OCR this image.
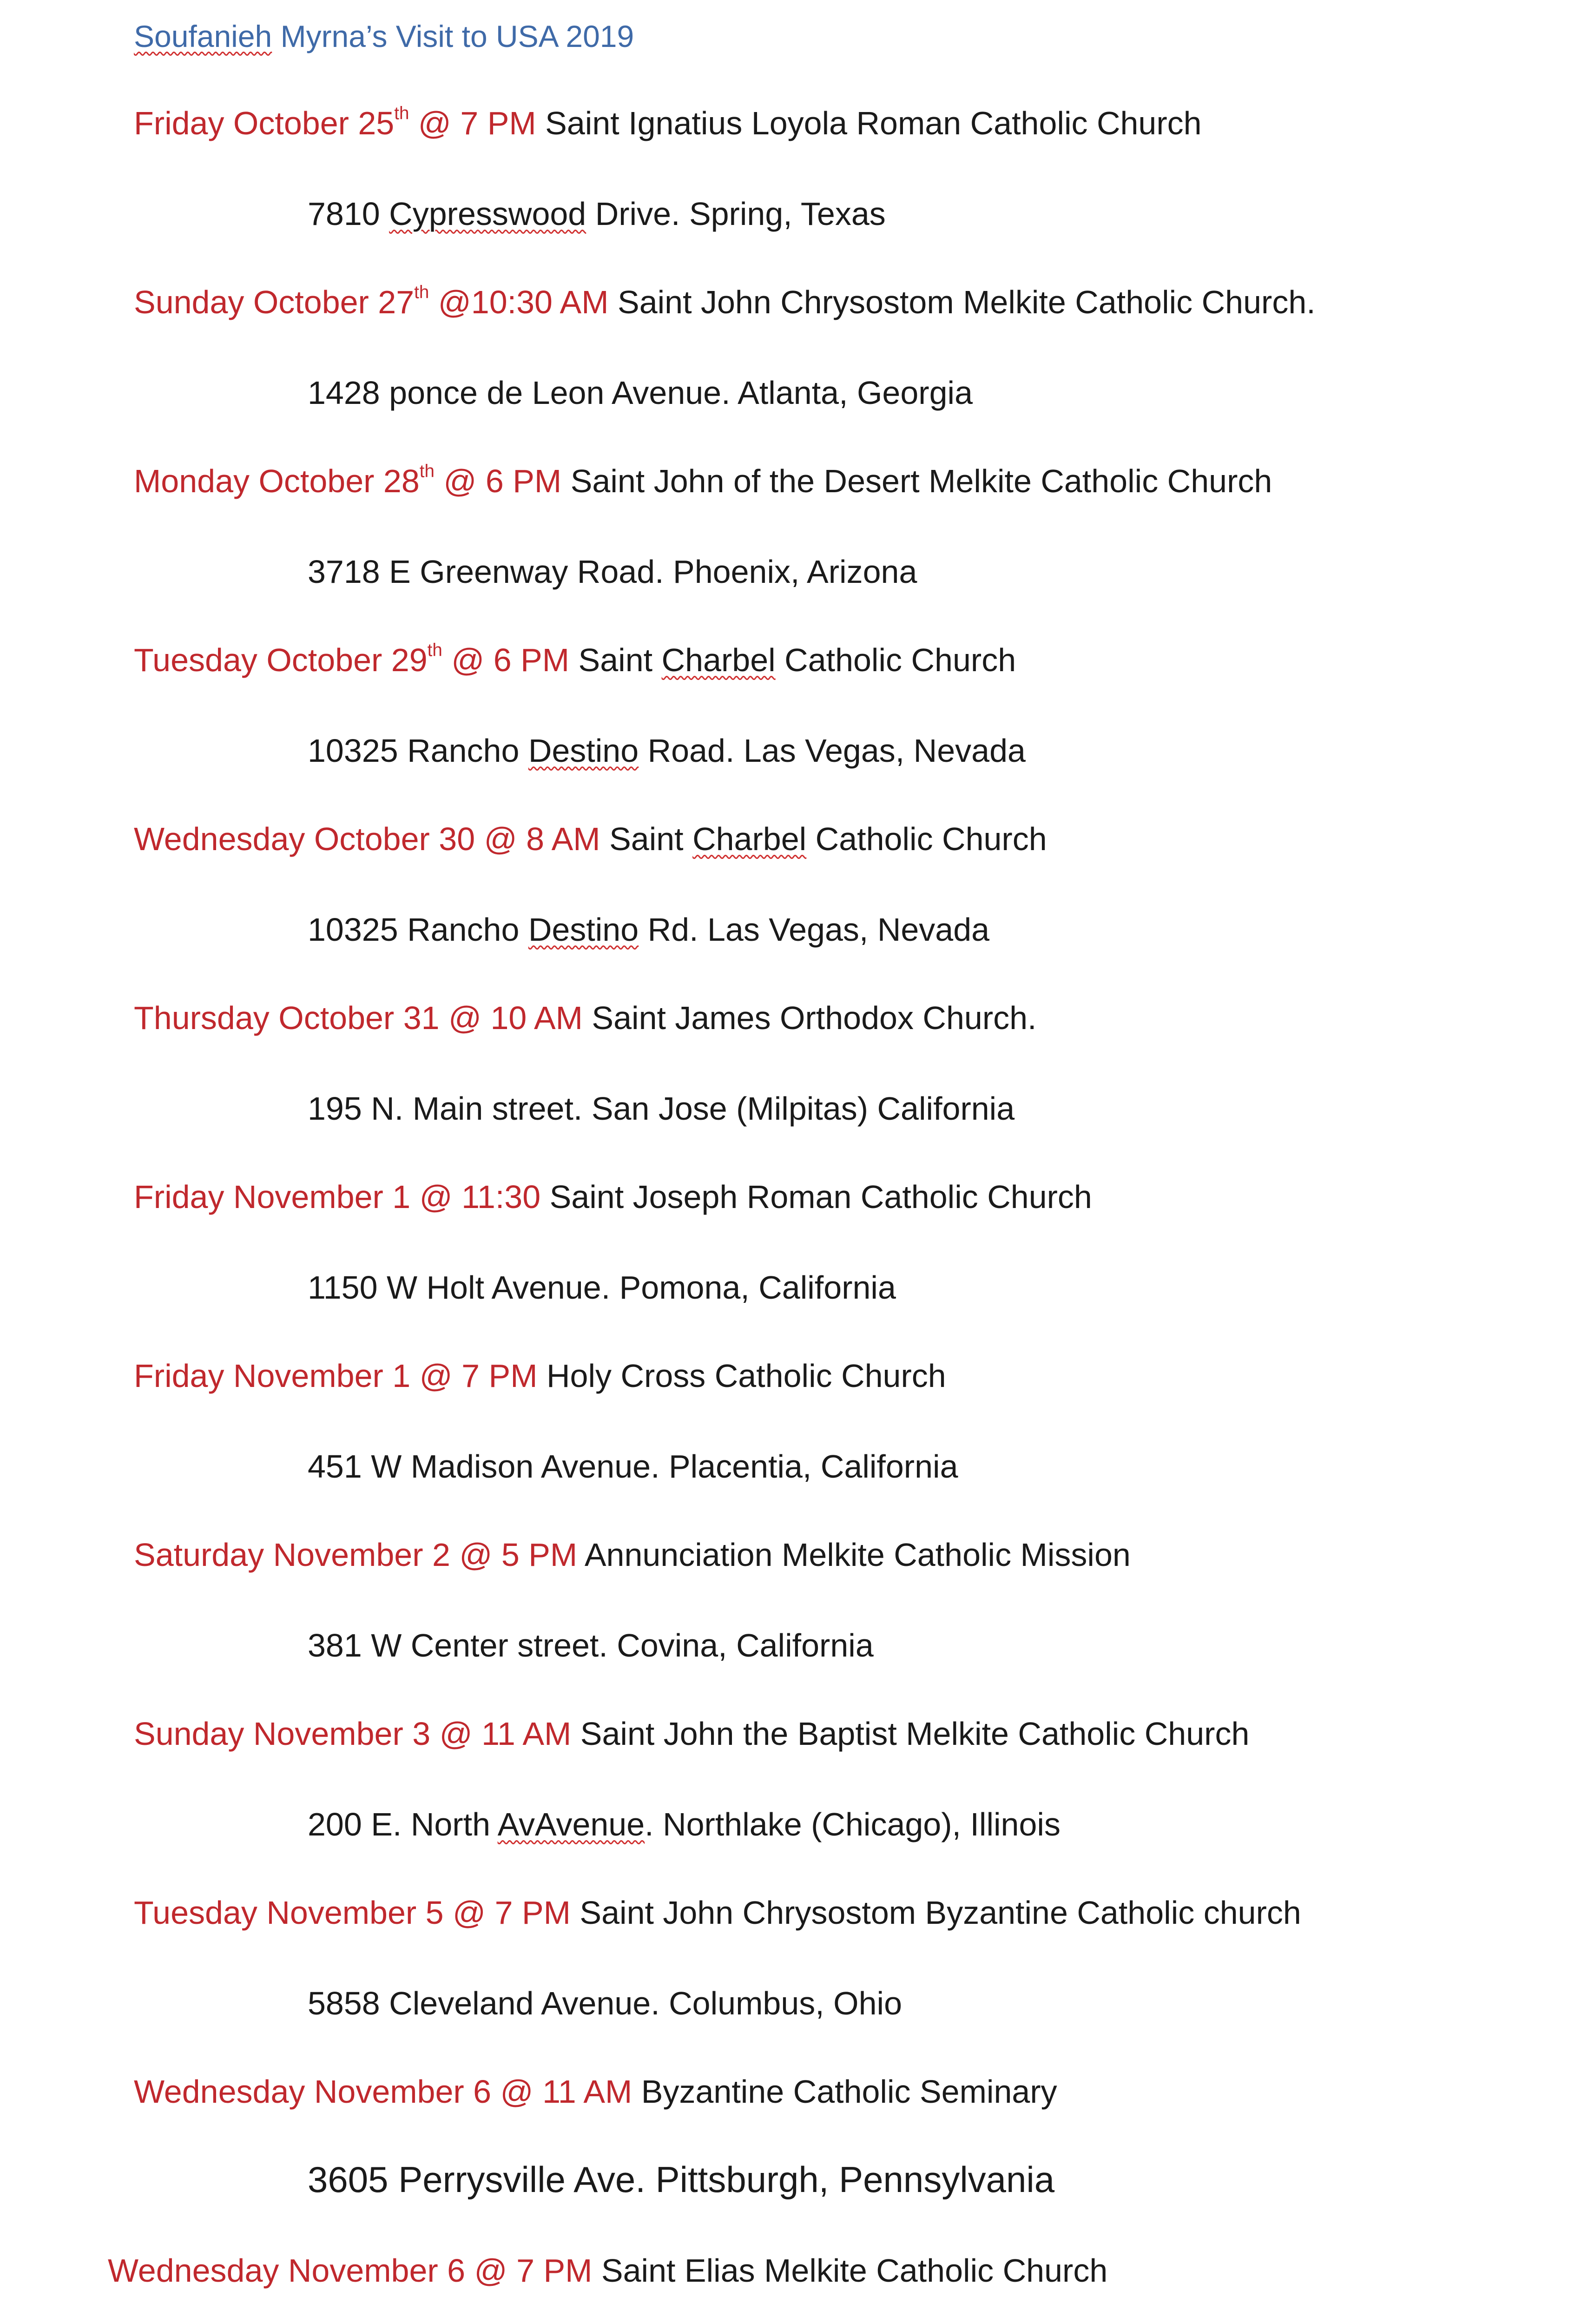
Soufanieh Myrna’s Visit to USA 2019
Friday October 25th @ 7 PM Saint Ignatius Loyola Roman Catholic Church
7810 Cypresswood Drive. Spring, Texas
Sunday October 27th @10:30 AM Saint John Chrysostom Melkite Catholic Church.
1428 ponce de Leon Avenue. Atlanta, Georgia
Monday October 28th @ 6 PM Saint John of the Desert Melkite Catholic Church
3718 E Greenway Road. Phoenix, Arizona
Tuesday October 29th @ 6 PM Saint Charbel Catholic Church
10325 Rancho Destino Road. Las Vegas, Nevada
Wednesday October 30 @ 8 AM Saint Charbel Catholic Church
10325 Rancho Destino Rd. Las Vegas, Nevada
Thursday October 31 @ 10 AM Saint James Orthodox Church.
195 N. Main street. San Jose (Milpitas) California
Friday November 1 @ 11:30 Saint Joseph Roman Catholic Church
1150 W Holt Avenue. Pomona, California
Friday November 1 @ 7 PM Holy Cross Catholic Church
451 W Madison Avenue. Placentia, California
Saturday November 2 @ 5 PM Annunciation Melkite Catholic Mission
381 W Center street. Covina, California
Sunday November 3 @ 11 AM Saint John the Baptist Melkite Catholic Church
200 E. North AvAvenue. Northlake (Chicago), Illinois
Tuesday November 5 @ 7 PM Saint John Chrysostom Byzantine Catholic church
5858 Cleveland Avenue. Columbus, Ohio
Wednesday November 6 @ 11 AM Byzantine Catholic Seminary
3605 Perrysville Ave. Pittsburgh, Pennsylvania
Wednesday November 6 @ 7 PM Saint Elias Melkite Catholic Church
